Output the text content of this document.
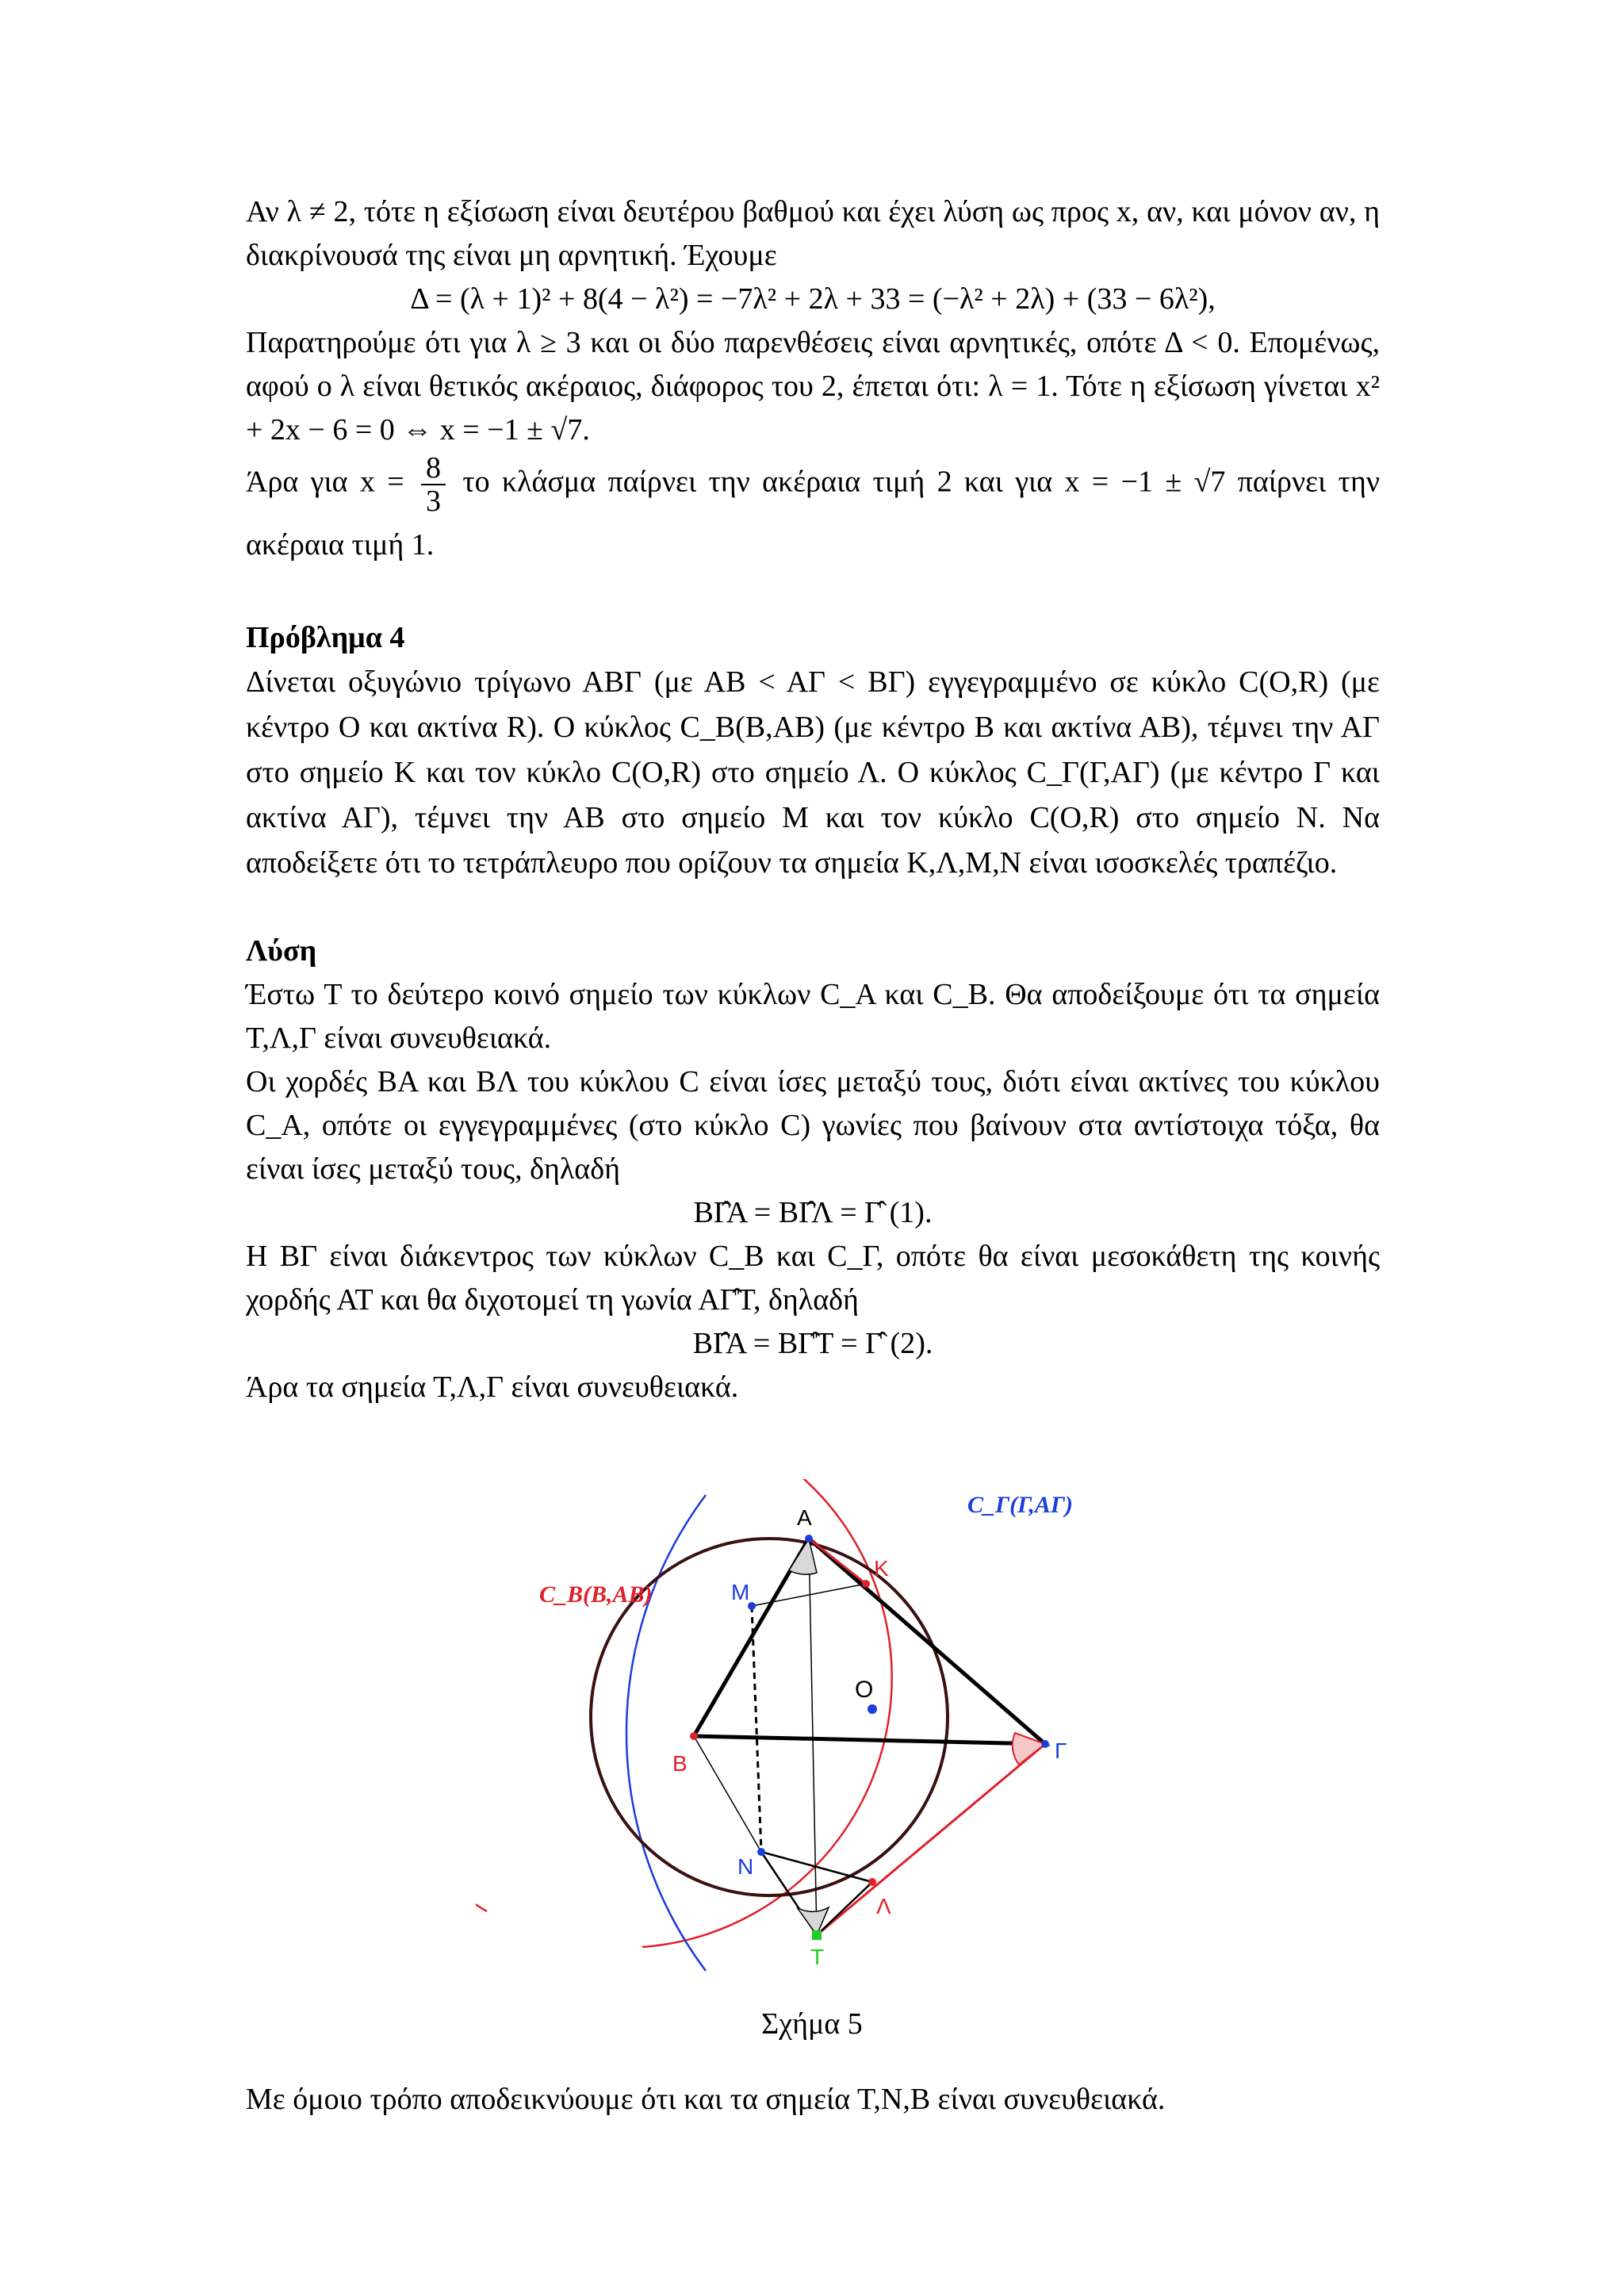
Αν λ ≠ 2, τότε η εξίσωση είναι δευτέρου βαθμού και έχει λύση ως προς x, αν, και μόνον αν, η διακρίνουσά της είναι μη αρνητική. Έχουμε

Δ = (λ + 1)² + 8(4 − λ²) = −7λ² + 2λ + 33 = (−λ² + 2λ) + (33 − 6λ²),

Παρατηρούμε ότι για λ ≥ 3 και οι δύο παρενθέσεις είναι αρνητικές, οπότε Δ < 0. Επομένως, αφού ο λ είναι θετικός ακέραιος, διάφορος του 2, έπεται ότι: λ = 1. Τότε η εξίσωση γίνεται x² + 2x − 6 = 0 ⇔ x = −1 ± √7.

Άρα για $x = \frac{8}{3}$ το κλάσμα παίρνει την ακέραια τιμή 2 και για x = −1 ± √7 παίρνει την ακέραια τιμή 1.

Πρόβλημα 4

Δίνεται οξυγώνιο τρίγωνο ΑΒΓ (με ΑΒ < ΑΓ < ΒΓ) εγγεγραμμένο σε κύκλο C(O,R) (με κέντρο O και ακτίνα R). Ο κύκλος C_B(Β,ΑΒ) (με κέντρο Β και ακτίνα ΑΒ), τέμνει την ΑΓ στο σημείο Κ και τον κύκλο C(O,R) στο σημείο Λ. Ο κύκλος C_Γ(Γ,ΑΓ) (με κέντρο Γ και ακτίνα ΑΓ), τέμνει την ΑΒ στο σημείο Μ και τον κύκλο C(O,R) στο σημείο Ν. Να αποδείξετε ότι το τετράπλευρο που ορίζουν τα σημεία Κ,Λ,Μ,Ν είναι ισοσκελές τραπέζιο.

Λύση

Έστω Τ το δεύτερο κοινό σημείο των κύκλων C_A και C_B. Θα αποδείξουμε ότι τα σημεία Τ,Λ,Γ είναι συνευθειακά.

Οι χορδές ΒΑ και ΒΛ του κύκλου C είναι ίσες μεταξύ τους, διότι είναι ακτίνες του κύκλου C_A, οπότε οι εγγεγραμμένες (στο κύκλο C) γωνίες που βαίνουν στα αντίστοιχα τόξα, θα είναι ίσες μεταξύ τους, δηλαδή

ΒΓ̂Α = ΒΓ̂Λ = Γ̂ (1).

Η ΒΓ είναι διάκεντρος των κύκλων C_B και C_Γ, οπότε θα είναι μεσοκάθετη της κοινής χορδής ΑΤ και θα διχοτομεί τη γωνία ΑΓ̂Τ, δηλαδή

ΒΓ̂Α = ΒΓ̂Τ = Γ̂ (2).

Άρα τα σημεία Τ,Λ,Γ είναι συνευθειακά.

C_B(Β,ΑΒ)
C_Γ(Γ,ΑΓ)
Α
Κ
Μ
Ο
Β
Γ
Ν
Λ
Τ
Σχήμα 5
Με όμοιο τρόπο αποδεικνύουμε ότι και τα σημεία Τ,Ν,Β είναι συνευθειακά.
